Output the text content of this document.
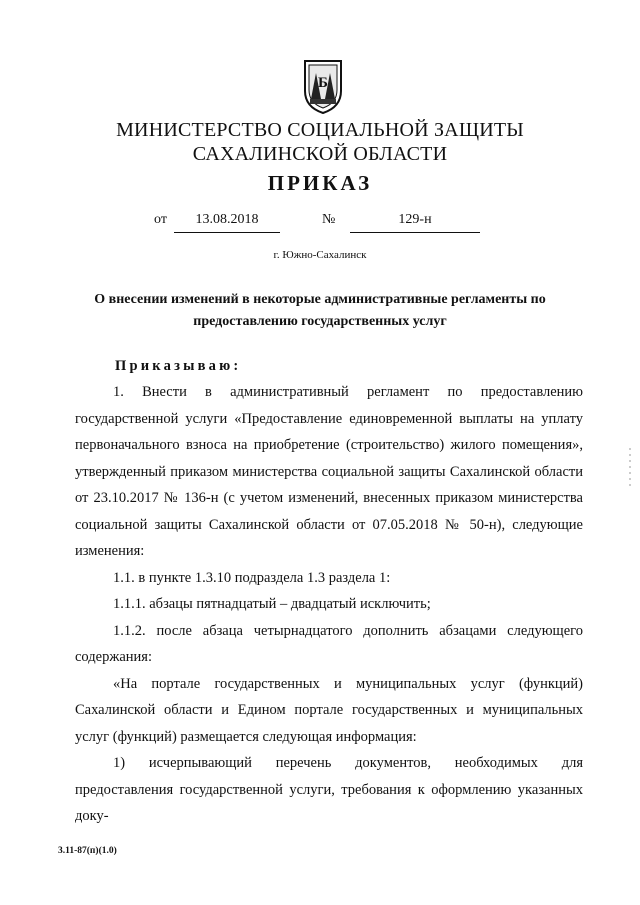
Б
МИНИСТЕРСТВО СОЦИАЛЬНОЙ ЗАЩИТЫ
САХАЛИНСКОЙ ОБЛАСТИ
ПРИКАЗ
от	13.08.2018	№	129-н
г. Южно-Сахалинск
О внесении изменений в некоторые административные регламенты по предоставлению государственных услуг
Приказываю:

1. Внести в административный регламент по предоставлению государственной услуги «Предоставление единовременной выплаты на уплату первоначального взноса на приобретение (строительство) жилого помещения», утвержденный приказом министерства социальной защиты Сахалинской области от 23.10.2017 № 136-н (с учетом изменений, внесенных приказом министерства социальной защиты Сахалинской области от 07.05.2018 № 50-н), следующие изменения:

1.1. в пункте 1.3.10 подраздела 1.3 раздела 1:

1.1.1. абзацы пятнадцатый – двадцатый исключить;

1.1.2. после абзаца четырнадцатого дополнить абзацами следующего содержания:

«На портале государственных и муниципальных услуг (функций) Сахалинской области и Едином портале государственных и муниципальных услуг (функций) размещается следующая информация:

1) исчерпывающий перечень документов, необходимых для предоставления государственной услуги, требования к оформлению указанных доку-

3.11-87(п)(1.0)
